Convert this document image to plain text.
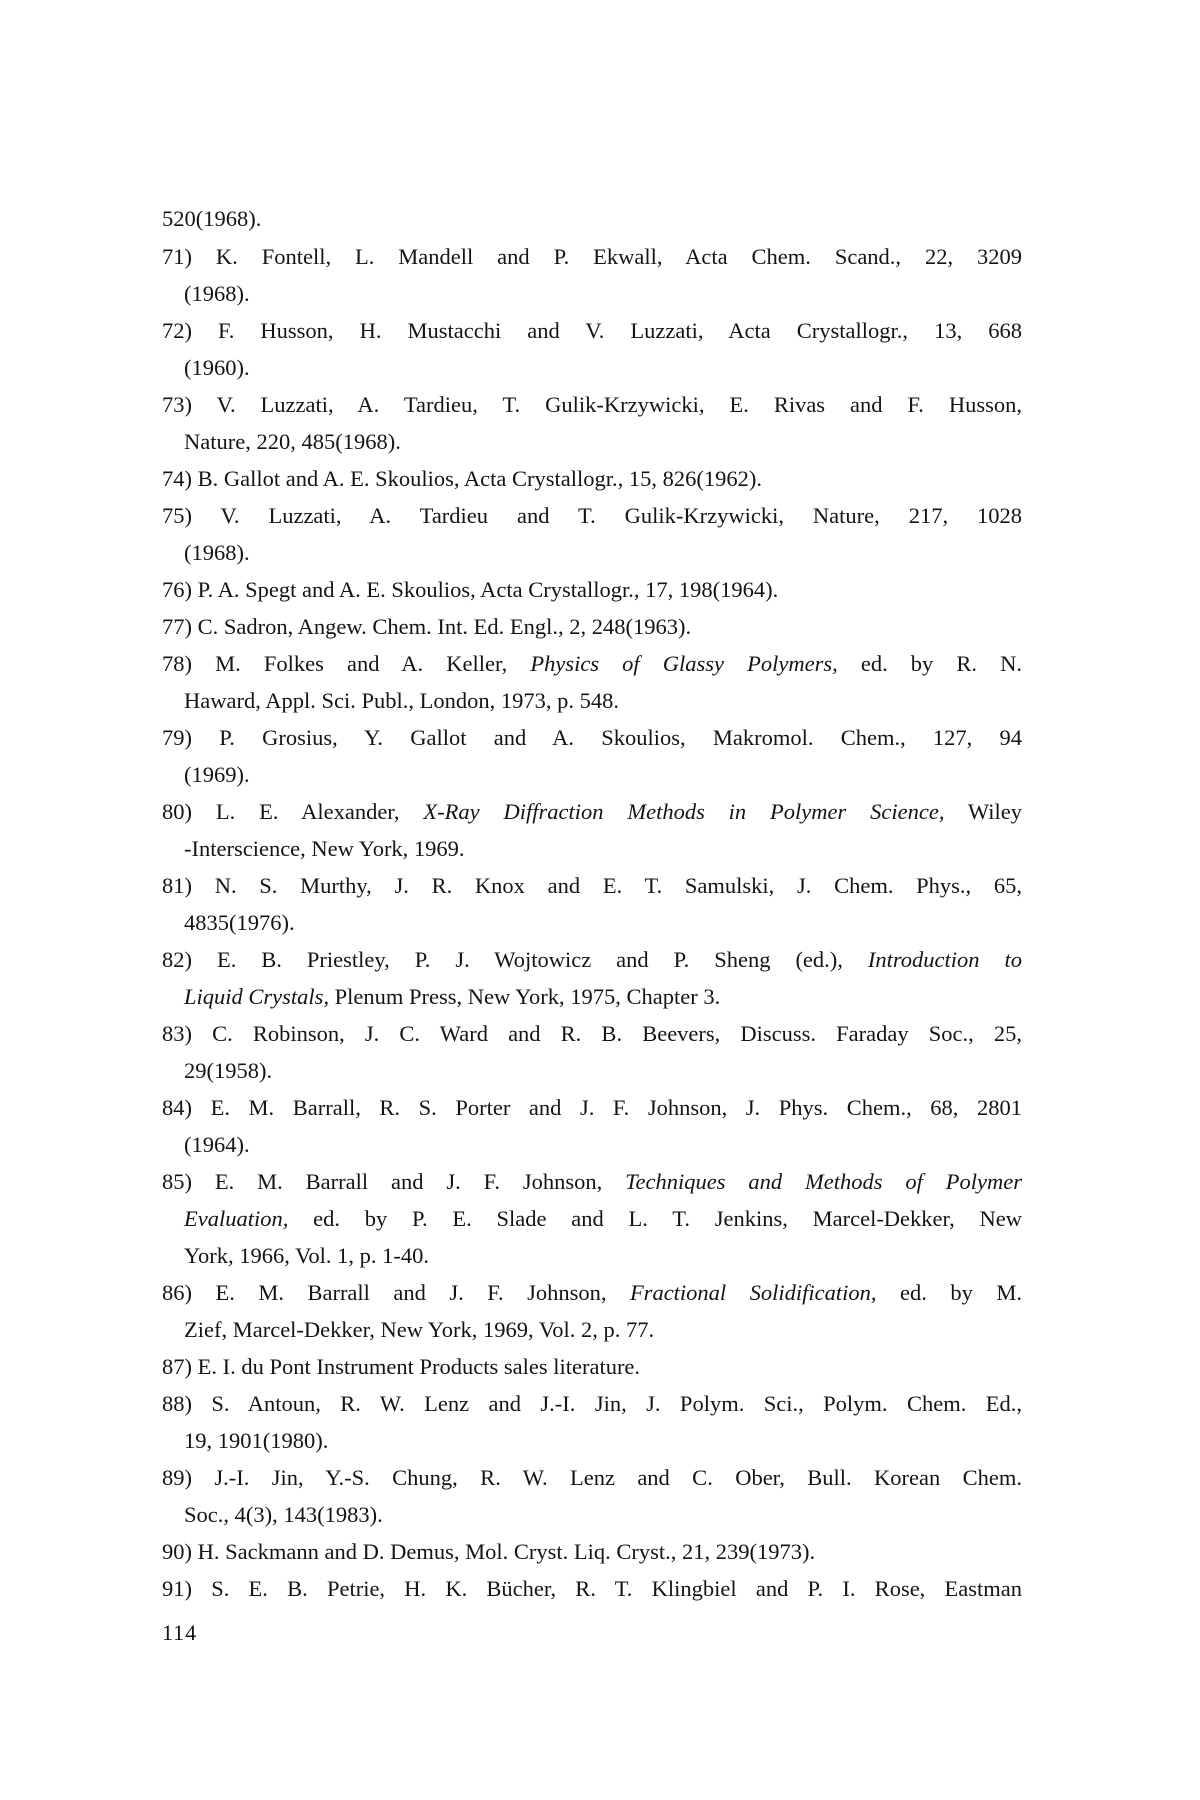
520(1968).
71) K. Fontell, L. Mandell and P. Ekwall, Acta Chem. Scand., 22, 3209
(1968).
72) F. Husson, H. Mustacchi and V. Luzzati, Acta Crystallogr., 13, 668
(1960).
73) V. Luzzati, A. Tardieu, T. Gulik-Krzywicki, E. Rivas and F. Husson,
Nature, 220, 485(1968).
74) B. Gallot and A. E. Skoulios, Acta Crystallogr., 15, 826(1962).
75) V. Luzzati, A. Tardieu and T. Gulik-Krzywicki, Nature, 217, 1028
(1968).
76) P. A. Spegt and A. E. Skoulios, Acta Crystallogr., 17, 198(1964).
77) C. Sadron, Angew. Chem. Int. Ed. Engl., 2, 248(1963).
78) M. Folkes and A. Keller, Physics of Glassy Polymers, ed. by R. N.
Haward, Appl. Sci. Publ., London, 1973, p. 548.
79) P. Grosius, Y. Gallot and A. Skoulios, Makromol. Chem., 127, 94
(1969).
80) L. E. Alexander, X-Ray Diffraction Methods in Polymer Science, Wiley
-Interscience, New York, 1969.
81) N. S. Murthy, J. R. Knox and E. T. Samulski, J. Chem. Phys., 65,
4835(1976).
82) E. B. Priestley, P. J. Wojtowicz and P. Sheng (ed.), Introduction to
Liquid Crystals, Plenum Press, New York, 1975, Chapter 3.
83) C. Robinson, J. C. Ward and R. B. Beevers, Discuss. Faraday Soc., 25,
29(1958).
84) E. M. Barrall, R. S. Porter and J. F. Johnson, J. Phys. Chem., 68, 2801
(1964).
85) E. M. Barrall and J. F. Johnson, Techniques and Methods of Polymer
Evaluation, ed. by P. E. Slade and L. T. Jenkins, Marcel-Dekker, New
York, 1966, Vol. 1, p. 1-40.
86) E. M. Barrall and J. F. Johnson, Fractional Solidification, ed. by M.
Zief, Marcel-Dekker, New York, 1969, Vol. 2, p. 77.
87) E. I. du Pont Instrument Products sales literature.
88) S. Antoun, R. W. Lenz and J.-I. Jin, J. Polym. Sci., Polym. Chem. Ed.,
19, 1901(1980).
89) J.-I. Jin, Y.-S. Chung, R. W. Lenz and C. Ober, Bull. Korean Chem.
Soc., 4(3), 143(1983).
90) H. Sackmann and D. Demus, Mol. Cryst. Liq. Cryst., 21, 239(1973).
91) S. E. B. Petrie, H. K. Bücher, R. T. Klingbiel and P. I. Rose, Eastman
114
